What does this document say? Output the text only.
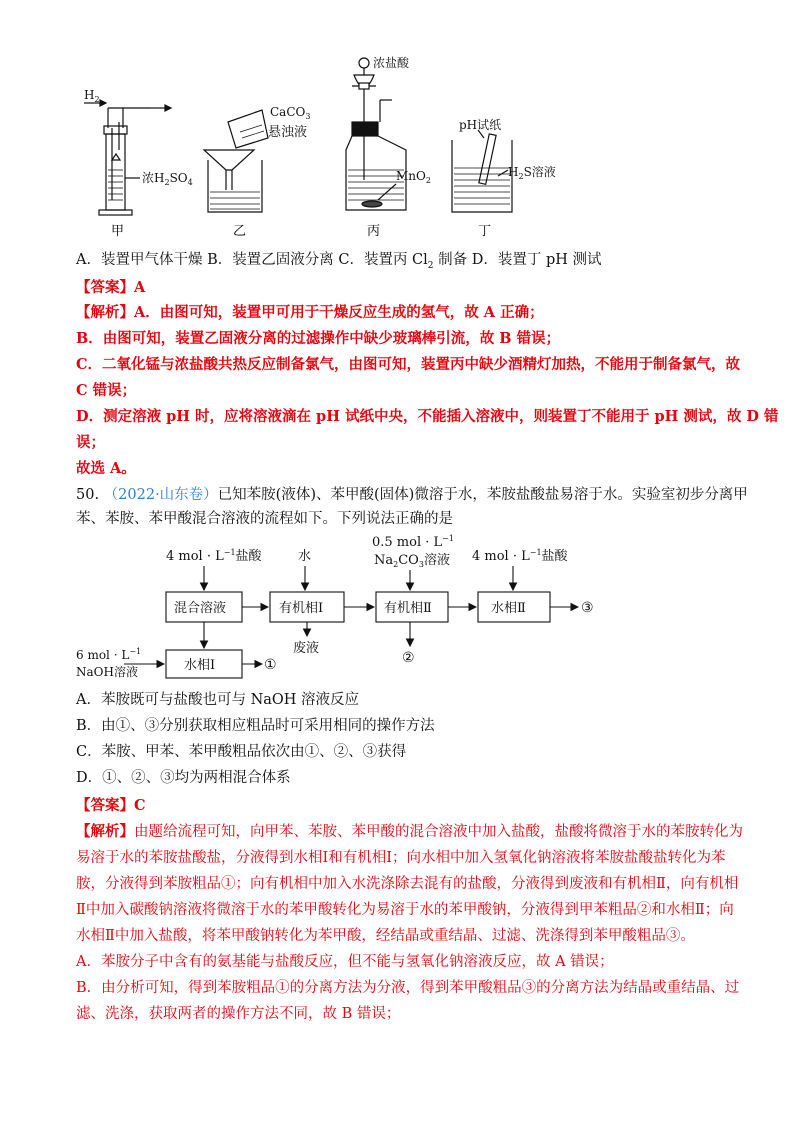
$H_2$
浓$H_2SO_4$
CaCO$_3$
悬浊液
浓盐酸
MnO$_2$
pH试纸
$H_2S$溶液
甲	乙	丙	丁
A．装置甲气体干燥 B．装置乙固液分离 C．装置丙 $Cl_2$ 制备 D．装置丁 pH 测试
【答案】A
【解析】A．由图可知，装置甲可用于干燥反应生成的氢气，故 A 正确；
B．由图可知，装置乙固液分离的过滤操作中缺少玻璃棒引流，故 B 错误；
C．二氧化锰与浓盐酸共热反应制备氯气，由图可知，装置丙中缺少酒精灯加热，不能用于制备氯气，故
C 错误；
D．测定溶液 pH 时，应将溶液滴在 pH 试纸中央，不能插入溶液中，则装置丁不能用于 pH 测试，故 D 错
误；
故选 A。
50. （2022·山东卷）已知苯胺(液体)、苯甲酸(固体)微溶于水，苯胺盐酸盐易溶于水。实验室初步分离甲
苯、苯胺、苯甲酸混合溶液的流程如下。下列说法正确的是
4 mol · $L^{-1}$盐酸	水
0.5 mol · $L^{-1}$
$Na_2CO_3$溶液 4 mol · $L^{-1}$盐酸
混合溶液	有机相Ⅰ	有机相Ⅱ	水相Ⅱ
水相Ⅰ
③
①	②
废液
6 mol · $L^{-1}$
NaOH溶液
A．苯胺既可与盐酸也可与 NaOH 溶液反应
B．由①、③分别获取相应粗品时可采用相同的操作方法
C．苯胺、甲苯、苯甲酸粗品依次由①、②、③获得
D．①、②、③均为两相混合体系
【答案】C
【解析】由题给流程可知，向甲苯、苯胺、苯甲酸的混合溶液中加入盐酸，盐酸将微溶于水的苯胺转化为
易溶于水的苯胺盐酸盐，分液得到水相Ⅰ和有机相Ⅰ；向水相中加入氢氧化钠溶液将苯胺盐酸盐转化为苯
胺，分液得到苯胺粗品①；向有机相中加入水洗涤除去混有的盐酸，分液得到废液和有机相Ⅱ，向有机相
Ⅱ中加入碳酸钠溶液将微溶于水的苯甲酸转化为易溶于水的苯甲酸钠，分液得到甲苯粗品②和水相Ⅱ；向
水相Ⅱ中加入盐酸，将苯甲酸钠转化为苯甲酸，经结晶或重结晶、过滤、洗涤得到苯甲酸粗品③。
A．苯胺分子中含有的氨基能与盐酸反应，但不能与氢氧化钠溶液反应，故 A 错误；
B．由分析可知，得到苯胺粗品①的分离方法为分液，得到苯甲酸粗品③的分离方法为结晶或重结晶、过
滤、洗涤，获取两者的操作方法不同，故 B 错误；
